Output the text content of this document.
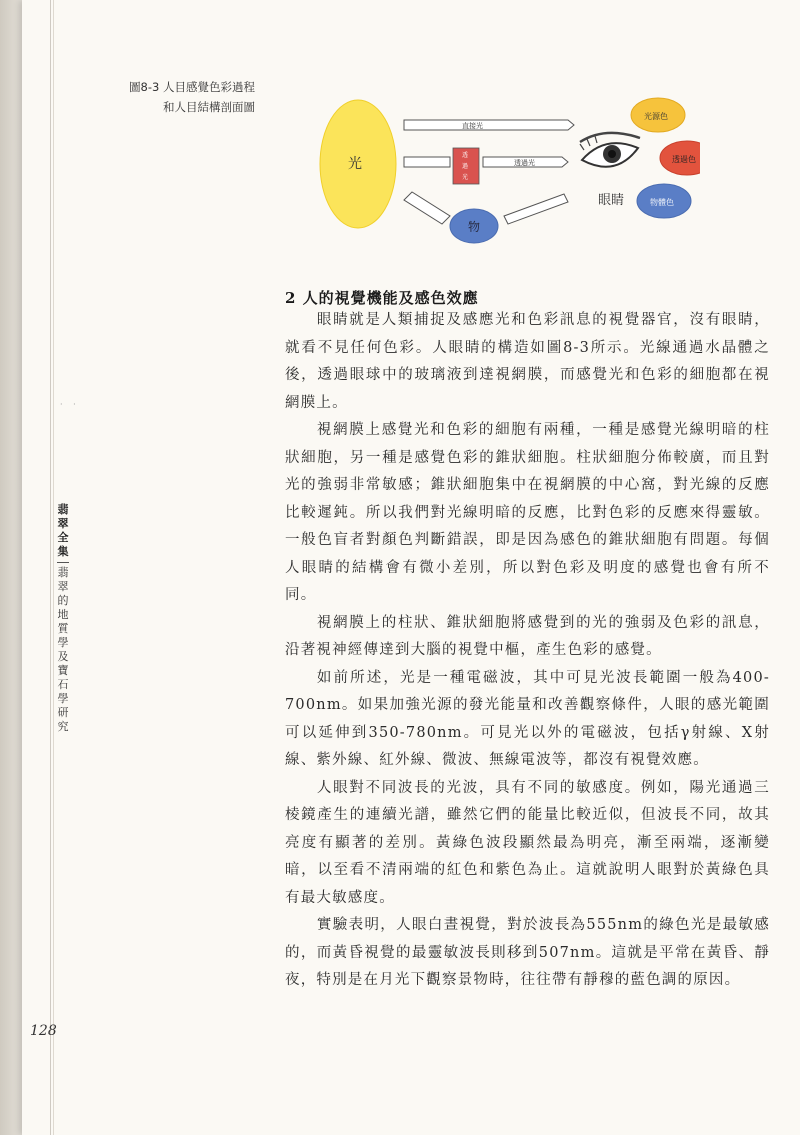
· ·
圖8-3 人目感覺色彩過程
和人目結構剖面圖
光
直接光
透
過
光
透過光
物
眼睛
光源色
透過色
物體色
2 人的視覺機能及感色效應

眼睛就是人類捕捉及感應光和色彩訊息的視覺器官，沒有眼睛，就看不見任何色彩。人眼睛的構造如圖8-3所示。光線通過水晶體之後，透過眼球中的玻璃液到達視網膜，而感覺光和色彩的細胞都在視網膜上。

視網膜上感覺光和色彩的細胞有兩種，一種是感覺光線明暗的柱狀細胞，另一種是感覺色彩的錐狀細胞。柱狀細胞分佈較廣，而且對光的強弱非常敏感；錐狀細胞集中在視網膜的中心窩，對光線的反應比較遲鈍。所以我們對光線明暗的反應，比對色彩的反應來得靈敏。一般色盲者對顏色判斷錯誤，即是因為感色的錐狀細胞有問題。每個人眼睛的結構會有微小差別，所以對色彩及明度的感覺也會有所不同。

視網膜上的柱狀、錐狀細胞將感覺到的光的強弱及色彩的訊息，沿著視神經傳達到大腦的視覺中樞，產生色彩的感覺。

如前所述，光是一種電磁波，其中可見光波長範圍一般為400-700nm。如果加強光源的發光能量和改善觀察條件，人眼的感光範圍可以延伸到350-780nm。可見光以外的電磁波，包括γ射線、X射線、紫外線、紅外線、微波、無線電波等，都沒有視覺效應。

人眼對不同波長的光波，具有不同的敏感度。例如，陽光通過三棱鏡產生的連續光譜，雖然它們的能量比較近似，但波長不同，故其亮度有顯著的差別。黃綠色波段顯然最為明亮，漸至兩端，逐漸變暗，以至看不清兩端的紅色和紫色為止。這就說明人眼對於黃綠色具有最大敏感度。

實驗表明，人眼白晝視覺，對於波長為555nm的綠色光是最敏感的，而黃昏視覺的最靈敏波長則移到507nm。這就是平常在黃昏、靜夜，特別是在月光下觀察景物時，往往帶有靜穆的藍色調的原因。

翡翠全集
翡翠的地質學及寶石學研究
128
